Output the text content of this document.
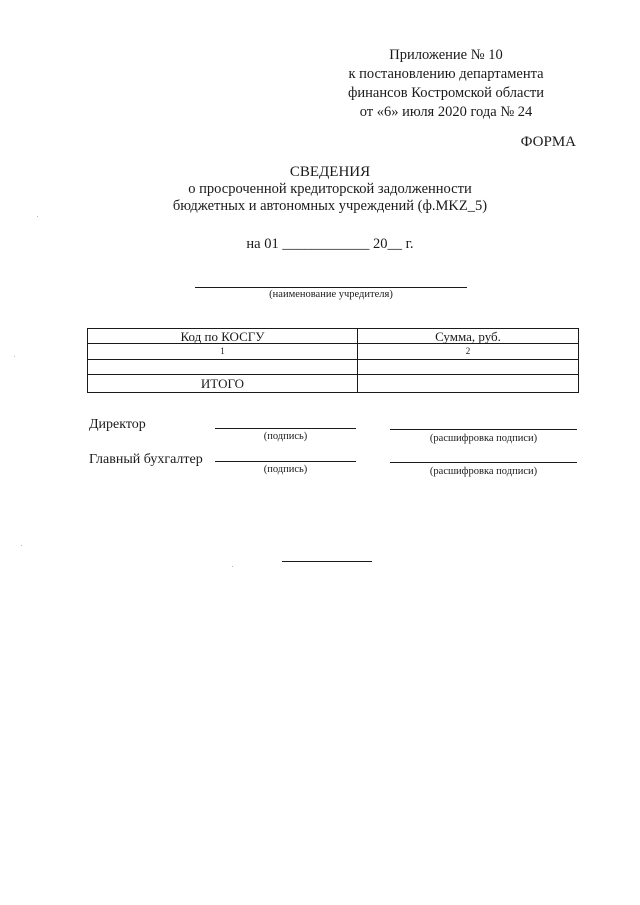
Приложение № 10
к постановлению департамента
финансов Костромской области
от «6» июля 2020 года № 24
ФОРМА
СВЕДЕНИЯ
о просроченной кредиторской задолженности
бюджетных и автономных учреждений (ф.MKZ_5)
на 01 ____________ 20__ г.
(наименование учредителя)
Код по КОСГУ	Сумма, руб.
1	2

ИТОГО	
Директор
(подпись)	(расшифровка подписи)
Главный бухгалтер
(подпись)	(расшифровка подписи)
